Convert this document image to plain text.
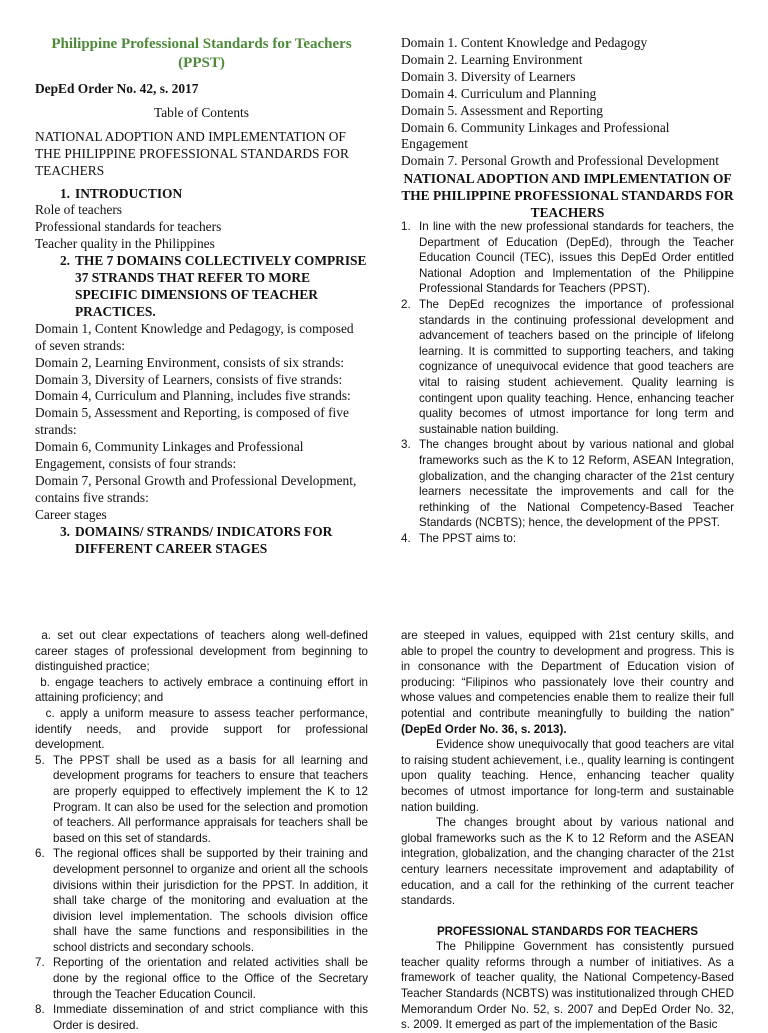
Philippine Professional Standards for Teachers (PPST)

DepEd Order No. 42, s. 2017

Table of Contents

NATIONAL ADOPTION AND IMPLEMENTATION OF THE PHILIPPINE PROFESSIONAL STANDARDS FOR TEACHERS

1. INTRODUCTION

Role of teachers

Professional standards for teachers

Teacher quality in the Philippines

2. THE 7 DOMAINS COLLECTIVELY COMPRISE 37 STRANDS THAT REFER TO MORE SPECIFIC DIMENSIONS OF TEACHER PRACTICES.

Domain 1, Content Knowledge and Pedagogy, is composed of seven strands:

Domain 2, Learning Environment, consists of six strands:

Domain 3, Diversity of Learners, consists of five strands:

Domain 4, Curriculum and Planning, includes five strands:

Domain 5, Assessment and Reporting, is composed of five strands:

Domain 6, Community Linkages and Professional Engagement, consists of four strands:

Domain 7, Personal Growth and Professional Development, contains five strands:

Career stages

3. DOMAINS/ STRANDS/ INDICATORS FOR DIFFERENT CAREER STAGES

Domain 1. Content Knowledge and Pedagogy

Domain 2. Learning Environment

Domain 3. Diversity of Learners

Domain 4. Curriculum and Planning

Domain 5. Assessment and Reporting

Domain 6. Community Linkages and Professional Engagement

Domain 7. Personal Growth and Professional Development

NATIONAL ADOPTION AND IMPLEMENTATION OF THE PHILIPPINE PROFESSIONAL STANDARDS FOR TEACHERS

1. In line with the new professional standards for teachers, the Department of Education (DepEd), through the Teacher Education Council (TEC), issues this DepEd Order entitled National Adoption and Implementation of the Philippine Professional Standards for Teachers (PPST).
2. The DepEd recognizes the importance of professional standards in the continuing professional development and advancement of teachers based on the principle of lifelong learning. It is committed to supporting teachers, and taking cognizance of unequivocal evidence that good teachers are vital to raising student achievement. Quality learning is contingent upon quality teaching. Hence, enhancing teacher quality becomes of utmost importance for long term and sustainable nation building.
3. The changes brought about by various national and global frameworks such as the K to 12 Reform, ASEAN Integration, globalization, and the changing character of the 21st century learners necessitate the improvements and call for the rethinking of the National Competency-Based Teacher Standards (NCBTS); hence, the development of the PPST.
4. The PPST aims to:

a. set out clear expectations of teachers along well-defined career stages of professional development from beginning to distinguished practice;

b. engage teachers to actively embrace a continuing effort in attaining proficiency; and

c. apply a uniform measure to assess teacher performance, identify needs, and provide support for professional development.

5. The PPST shall be used as a basis for all learning and development programs for teachers to ensure that teachers are properly equipped to effectively implement the K to 12 Program. It can also be used for the selection and promotion of teachers. All performance appraisals for teachers shall be based on this set of standards.
6. The regional offices shall be supported by their training and development personnel to organize and orient all the schools divisions within their jurisdiction for the PPST. In addition, it shall take charge of the monitoring and evaluation at the division level implementation. The schools division office shall have the same functions and responsibilities in the school districts and secondary schools.
7. Reporting of the orientation and related activities shall be done by the regional office to the Office of the Secretary through the Teacher Education Council.
8. Immediate dissemination of and strict compliance with this Order is desired.

are steeped in values, equipped with 21st century skills, and able to propel the country to development and progress. This is in consonance with the Department of Education vision of producing: “Filipinos who passionately love their country and whose values and competencies enable them to realize their full potential and contribute meaningfully to building the nation” (DepEd Order No. 36, s. 2013).

Evidence show unequivocally that good teachers are vital to raising student achievement, i.e., quality learning is contingent upon quality teaching. Hence, enhancing teacher quality becomes of utmost importance for long-term and sustainable nation building.

The changes brought about by various national and global frameworks such as the K to 12 Reform and the ASEAN integration, globalization, and the changing character of the 21st century learners necessitate improvement and adaptability of education, and a call for the rethinking of the current teacher standards.

PROFESSIONAL STANDARDS FOR TEACHERS

The Philippine Government has consistently pursued teacher quality reforms through a number of initiatives. As a framework of teacher quality, the National Competency-Based Teacher Standards (NCBTS) was institutionalized through CHED Memorandum Order No. 52, s. 2007 and DepEd Order No. 32, s. 2009. It emerged as part of the implementation of the Basic
